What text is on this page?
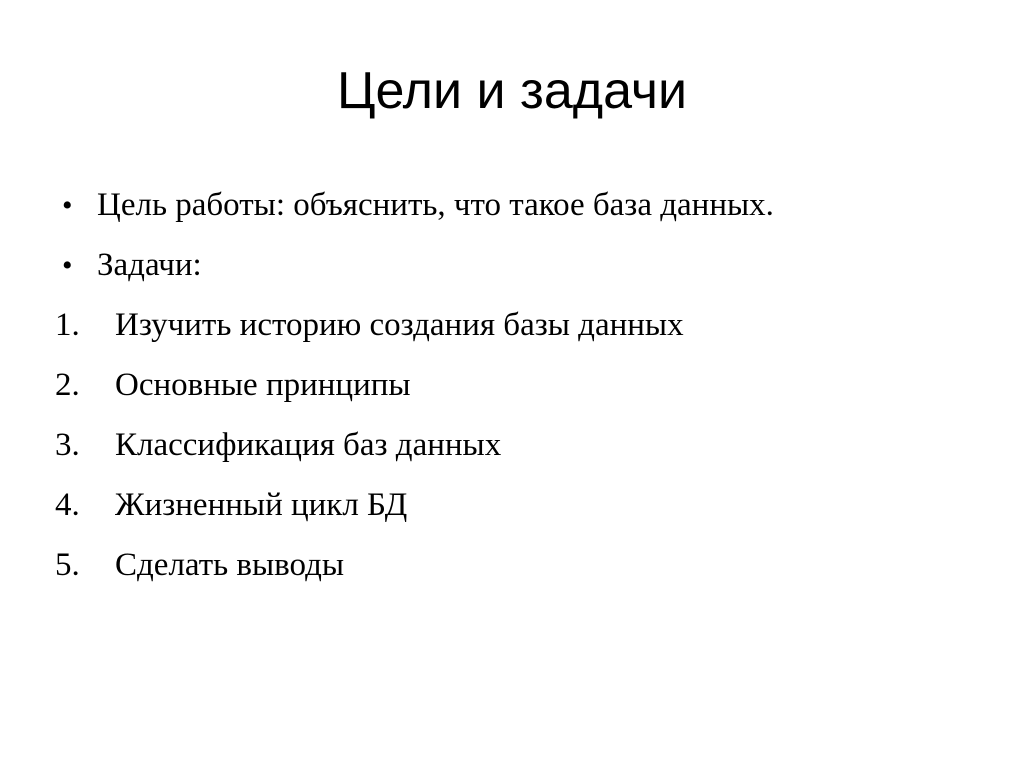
Цели и задачи
• Цель работы: объяснить, что такое база данных.
• Задачи:
1.	Изучить историю создания базы данных
2.	Основные принципы
3.	Классификация баз данных
4.	Жизненный цикл БД
5.	Сделать выводы
